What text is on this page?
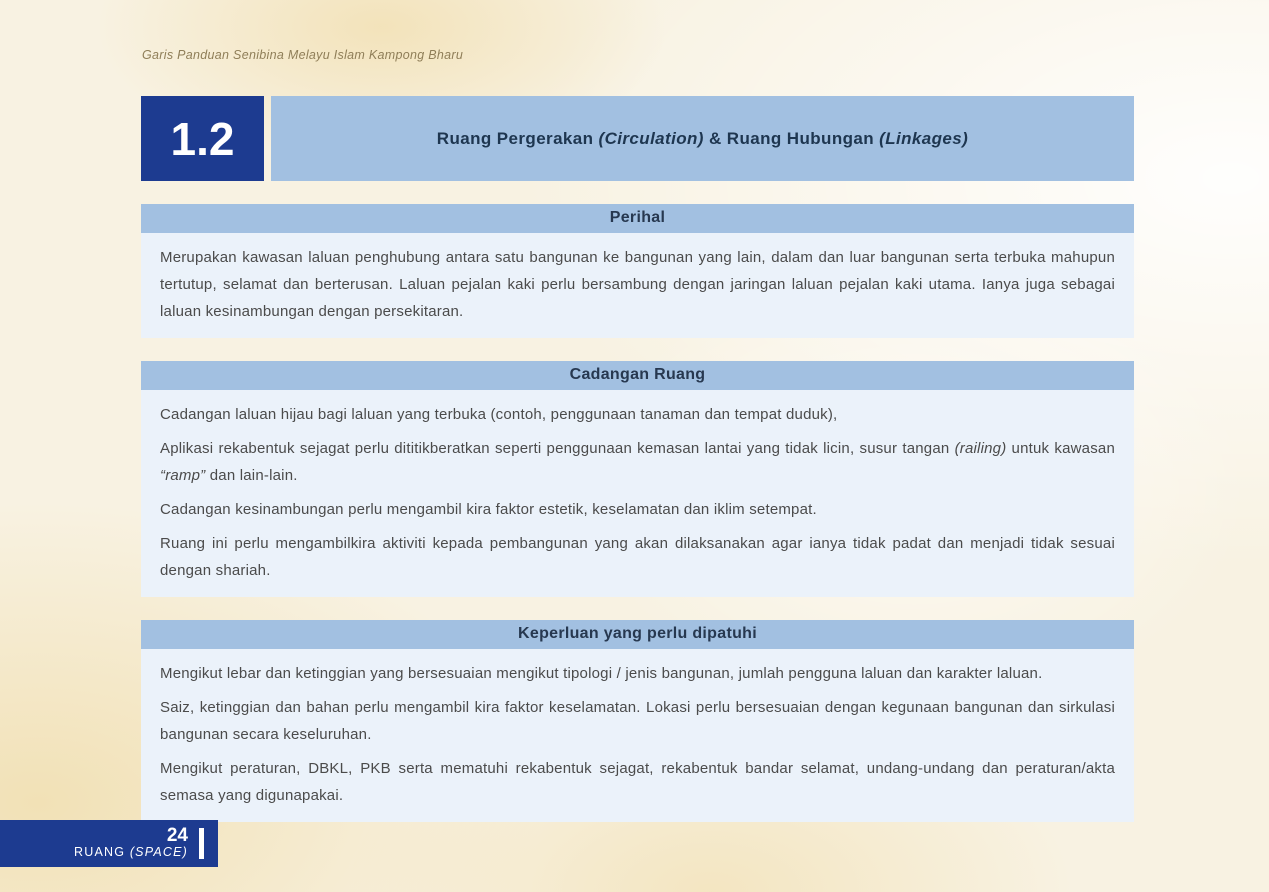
Garis Panduan Senibina Melayu Islam Kampong Bharu
1.2	Ruang Pergerakan (Circulation) & Ruang Hubungan (Linkages)
Perihal

Merupakan kawasan laluan penghubung antara satu bangunan ke bangunan yang lain, dalam dan luar bangunan serta terbuka mahupun tertutup, selamat dan berterusan. Laluan pejalan kaki perlu bersambung dengan jaringan laluan pejalan kaki utama. Ianya juga sebagai laluan kesinambungan dengan persekitaran.

Cadangan Ruang

Cadangan laluan hijau bagi laluan yang terbuka (contoh, penggunaan tanaman dan tempat duduk),

Aplikasi rekabentuk sejagat perlu dititikberatkan seperti penggunaan kemasan lantai yang tidak licin, susur tangan (railing) untuk kawasan “ramp” dan lain-lain.

Cadangan kesinambungan perlu mengambil kira faktor estetik, keselamatan dan iklim setempat.

Ruang ini perlu mengambilkira aktiviti kepada pembangunan yang akan dilaksanakan agar ianya tidak padat dan menjadi tidak sesuai dengan shariah.

Keperluan yang perlu dipatuhi

Mengikut lebar dan ketinggian yang bersesuaian mengikut tipologi / jenis bangunan, jumlah pengguna laluan dan karakter laluan.

Saiz, ketinggian dan bahan perlu mengambil kira faktor keselamatan. Lokasi perlu bersesuaian dengan kegunaan bangunan dan sirkulasi bangunan secara keseluruhan.

Mengikut peraturan, DBKL, PKB serta mematuhi rekabentuk sejagat, rekabentuk bandar selamat, undang-undang dan peraturan/akta semasa yang digunapakai.

24
RUANG (SPACE)
